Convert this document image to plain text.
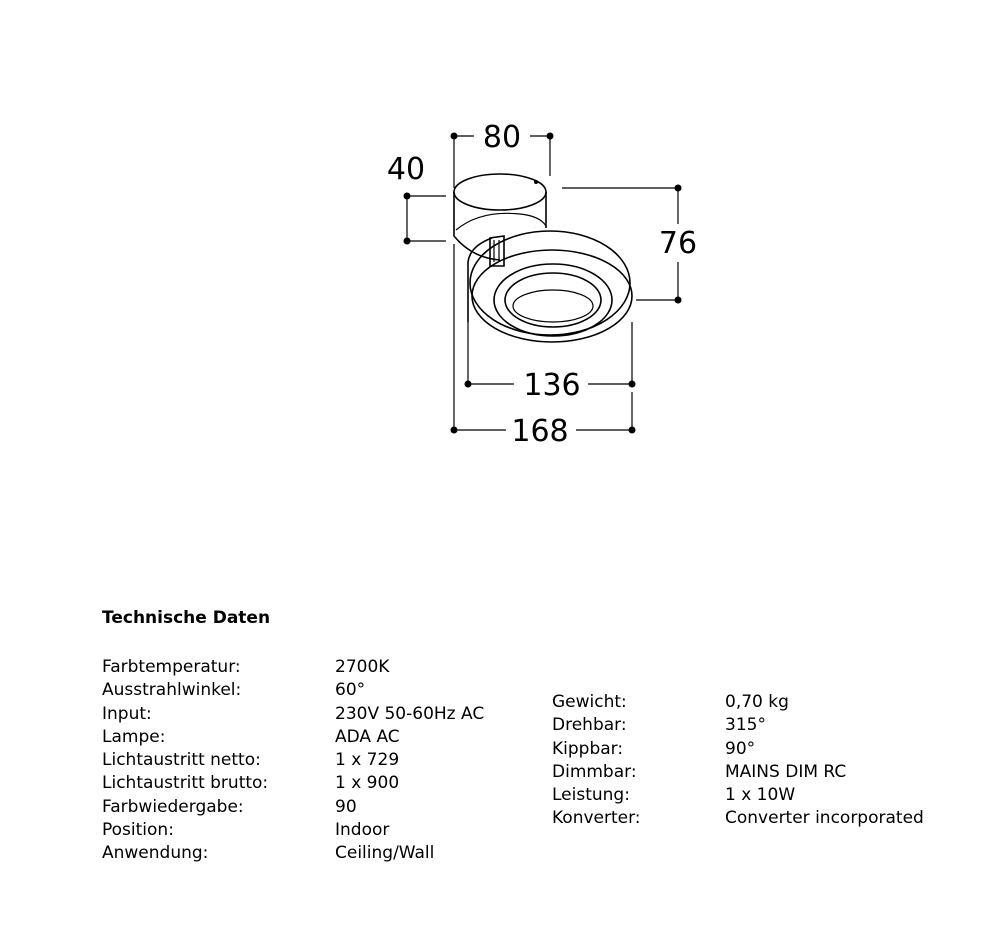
80
40
76
136
168
Technische Daten
Farbtemperatur:	2700K
Ausstrahlwinkel:	60°
Input:	230V 50-60Hz AC
Lampe:	ADA AC
Lichtaustritt netto:	1 x 729
Lichtaustritt brutto:	1 x 900
Farbwiedergabe:	90
Position:	Indoor
Anwendung:	Ceiling/Wall
Gewicht:	0,70 kg
Drehbar:	315°
Kippbar:	90°
Dimmbar:	MAINS DIM RC
Leistung:	1 x 10W
Konverter:	Converter incorporated
